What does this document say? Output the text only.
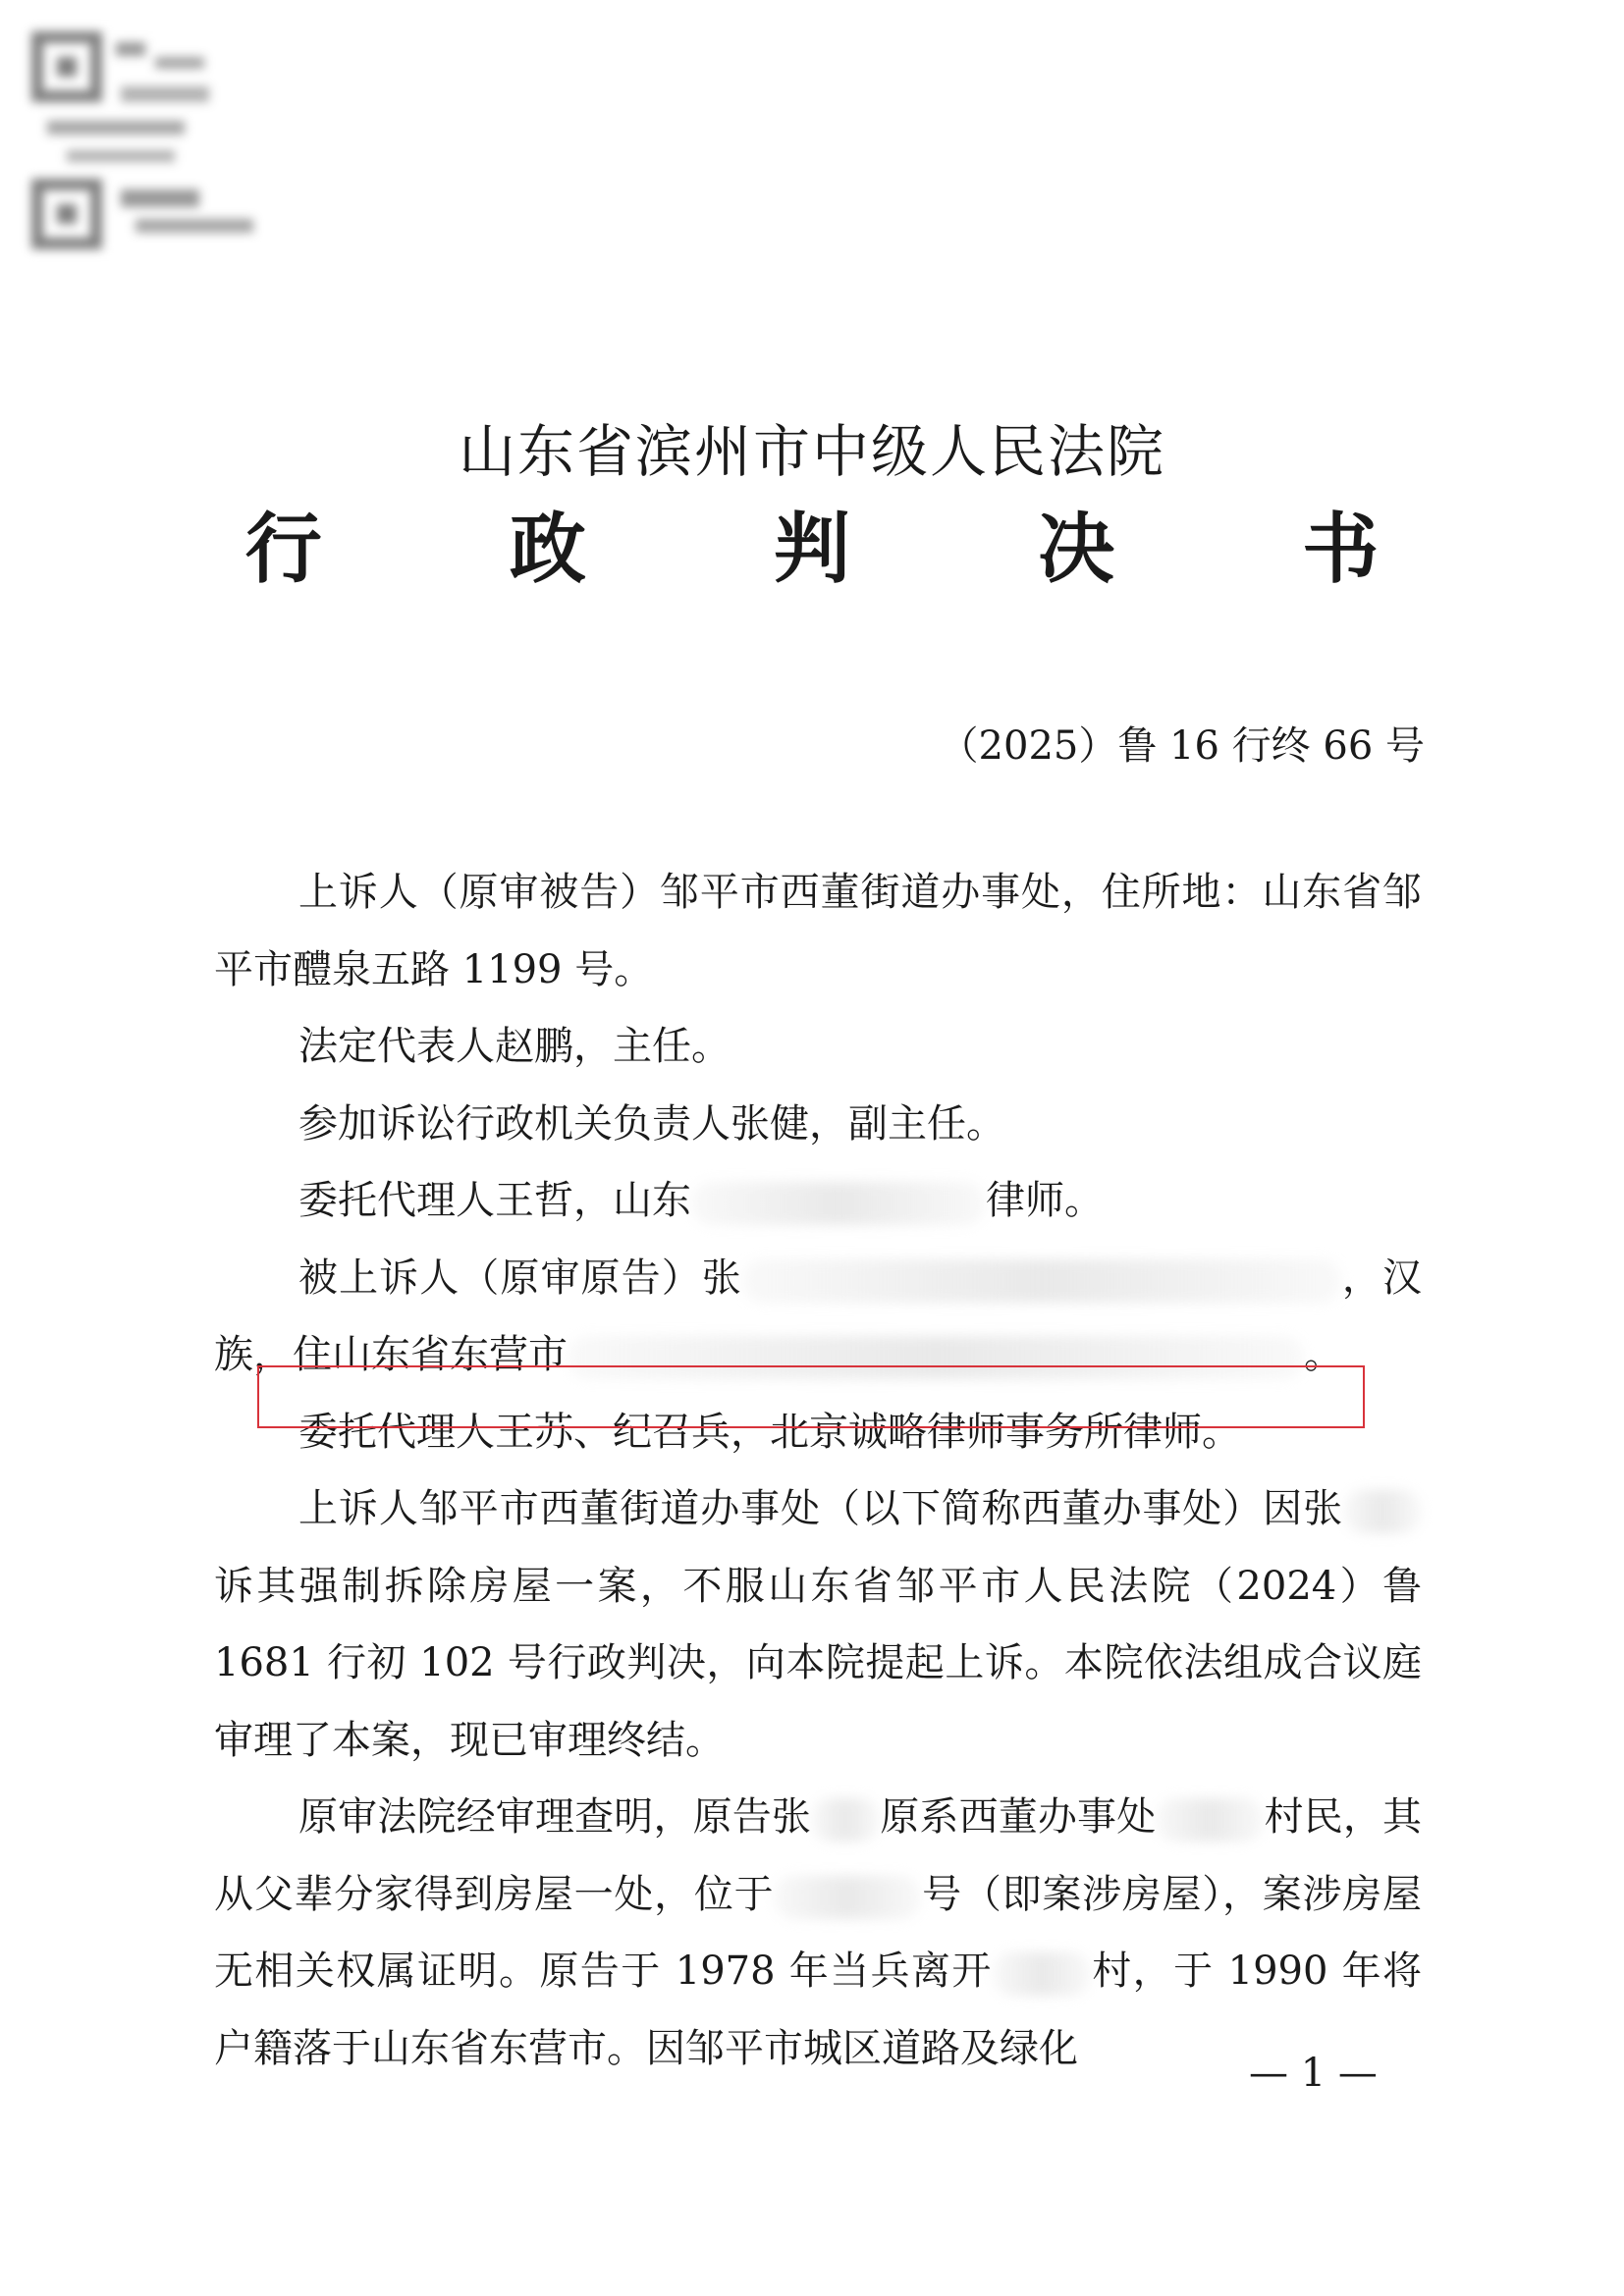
山东省滨州市中级人民法院
行 政 判 决 书
（2025）鲁 16 行终 66 号

上诉人（原审被告）邹平市西董街道办事处，住所地：山东省邹平市醴泉五路 1199 号。

法定代表人赵鹏，主任。

参加诉讼行政机关负责人张健，副主任。

委托代理人王哲，山东	律师。

被上诉人（原审原告）张	，汉族，住山东省东营市	。

委托代理人王苏、纪召兵，北京诚略律师事务所律师。

上诉人邹平市西董街道办事处（以下简称西董办事处）因张诉其强制拆除房屋一案，不服山东省邹平市人民法院（2024）鲁 1681 行初 102 号行政判决，向本院提起上诉。本院依法组成合议庭审理了本案，现已审理终结。

原审法院经审理查明，原告张 原系西董办事处	村民，其从父辈分家得到房屋一处，位于	号（即案涉房屋），案涉房屋无相关权属证明。原告于 1978 年当兵离开	村，于 1990 年将户籍落于山东省东营市。因邹平市城区道路及绿化

— 1 —
